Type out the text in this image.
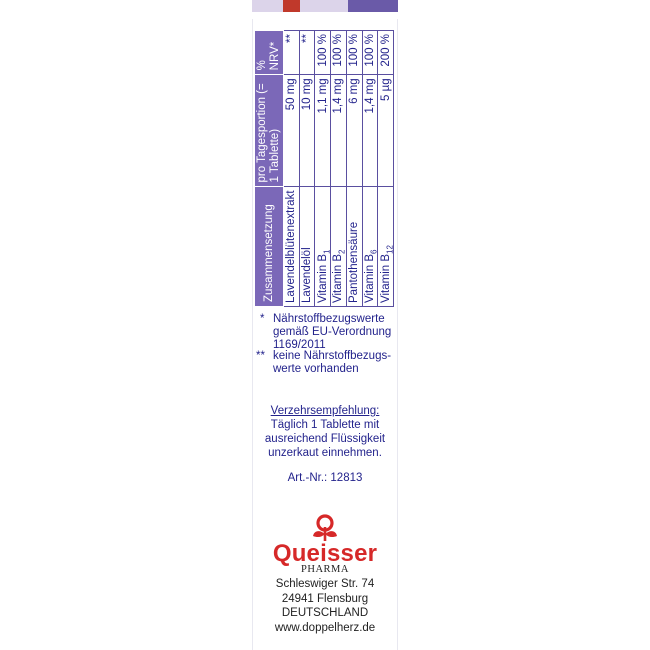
Zusammensetzung	pro Tagesportion (= 1 Tablette)	% NRV*
Lavendelblütenextrakt	50 mg	**
Lavendelöl	10 mg	**
Vitamin $B_1$	1,1 mg	100 %
Vitamin $B_2$	1,4 mg	100 %
Pantothensäure	6 mg	100 %
Vitamin $B_6$	1,4 mg	100 %
Vitamin $B_{12}$	5 µg	200 %
* Nährstoffbezugswerte gemäß EU-Verordnung 1169/2011
** keine Nährstoffbezugs-werte vorhanden
Verzehrsempfehlung:
Täglich 1 Tablette mit
ausreichend Flüssigkeit
unzerkaut einnehmen.
Art.-Nr.: 12813
Queisser
PHARMA
Schleswiger Str. 74
24941 Flensburg
DEUTSCHLAND
www.doppelherz.de
